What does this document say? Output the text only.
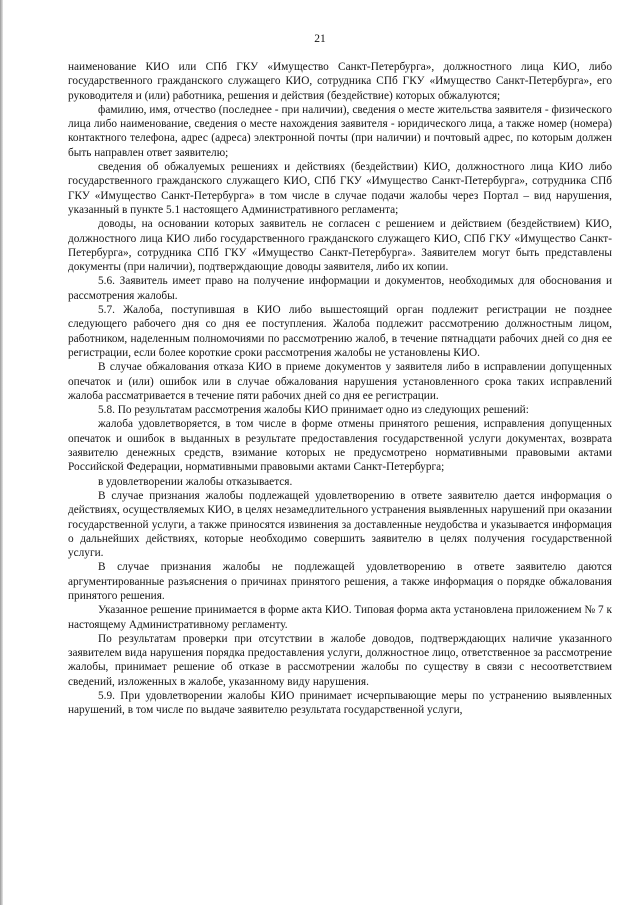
21

наименование КИО или СПб ГКУ «Имущество Санкт-Петербурга», должностного лица КИО, либо государственного гражданского служащего КИО, сотрудника СПб ГКУ «Имущество Санкт-Петербурга», его руководителя и (или) работника, решения и действия (бездействие) которых обжалуются;

фамилию, имя, отчество (последнее - при наличии), сведения о месте жительства заявителя - физического лица либо наименование, сведения о месте нахождения заявителя - юридического лица, а также номер (номера) контактного телефона, адрес (адреса) электронной почты (при наличии) и почтовый адрес, по которым должен быть направлен ответ заявителю;

сведения об обжалуемых решениях и действиях (бездействии) КИО, должностного лица КИО либо государственного гражданского служащего КИО, СПб ГКУ «Имущество Санкт-Петербурга», сотрудника СПб ГКУ «Имущество Санкт-Петербурга» в том числе в случае подачи жалобы через Портал – вид нарушения, указанный в пункте 5.1 настоящего Административного регламента;

доводы, на основании которых заявитель не согласен с решением и действием (бездействием) КИО, должностного лица КИО либо государственного гражданского служащего КИО, СПб ГКУ «Имущество Санкт-Петербурга», сотрудника СПб ГКУ «Имущество Санкт-Петербурга». Заявителем могут быть представлены документы (при наличии), подтверждающие доводы заявителя, либо их копии.

5.6. Заявитель имеет право на получение информации и документов, необходимых для обоснования и рассмотрения жалобы.

5.7. Жалоба, поступившая в КИО либо вышестоящий орган подлежит регистрации не позднее следующего рабочего дня со дня ее поступления. Жалоба подлежит рассмотрению должностным лицом, работником, наделенным полномочиями по рассмотрению жалоб, в течение пятнадцати рабочих дней со дня ее регистрации, если более короткие сроки рассмотрения жалобы не установлены КИО.

В случае обжалования отказа КИО в приеме документов у заявителя либо в исправлении допущенных опечаток и (или) ошибок или в случае обжалования нарушения установленного срока таких исправлений жалоба рассматривается в течение пяти рабочих дней со дня ее регистрации.

5.8. По результатам рассмотрения жалобы КИО принимает одно из следующих решений:

жалоба удовлетворяется, в том числе в форме отмены принятого решения, исправления допущенных опечаток и ошибок в выданных в результате предоставления государственной услуги документах, возврата заявителю денежных средств, взимание которых не предусмотрено нормативными правовыми актами Российской Федерации, нормативными правовыми актами Санкт-Петербурга;

в удовлетворении жалобы отказывается.

В случае признания жалобы подлежащей удовлетворению в ответе заявителю дается информация о действиях, осуществляемых КИО, в целях незамедлительного устранения выявленных нарушений при оказании государственной услуги, а также приносятся извинения за доставленные неудобства и указывается информация о дальнейших действиях, которые необходимо совершить заявителю в целях получения государственной услуги.

В случае признания жалобы не подлежащей удовлетворению в ответе заявителю даются аргументированные разъяснения о причинах принятого решения, а также информация о порядке обжалования принятого решения.

Указанное решение принимается в форме акта КИО. Типовая форма акта установлена приложением № 7 к настоящему Административному регламенту.

По результатам проверки при отсутствии в жалобе доводов, подтверждающих наличие указанного заявителем вида нарушения порядка предоставления услуги, должностное лицо, ответственное за рассмотрение жалобы, принимает решение об отказе в рассмотрении жалобы по существу в связи с несоответствием сведений, изложенных в жалобе, указанному виду нарушения.

5.9. При удовлетворении жалобы КИО принимает исчерпывающие меры по устранению выявленных нарушений, в том числе по выдаче заявителю результата государственной услуги,
